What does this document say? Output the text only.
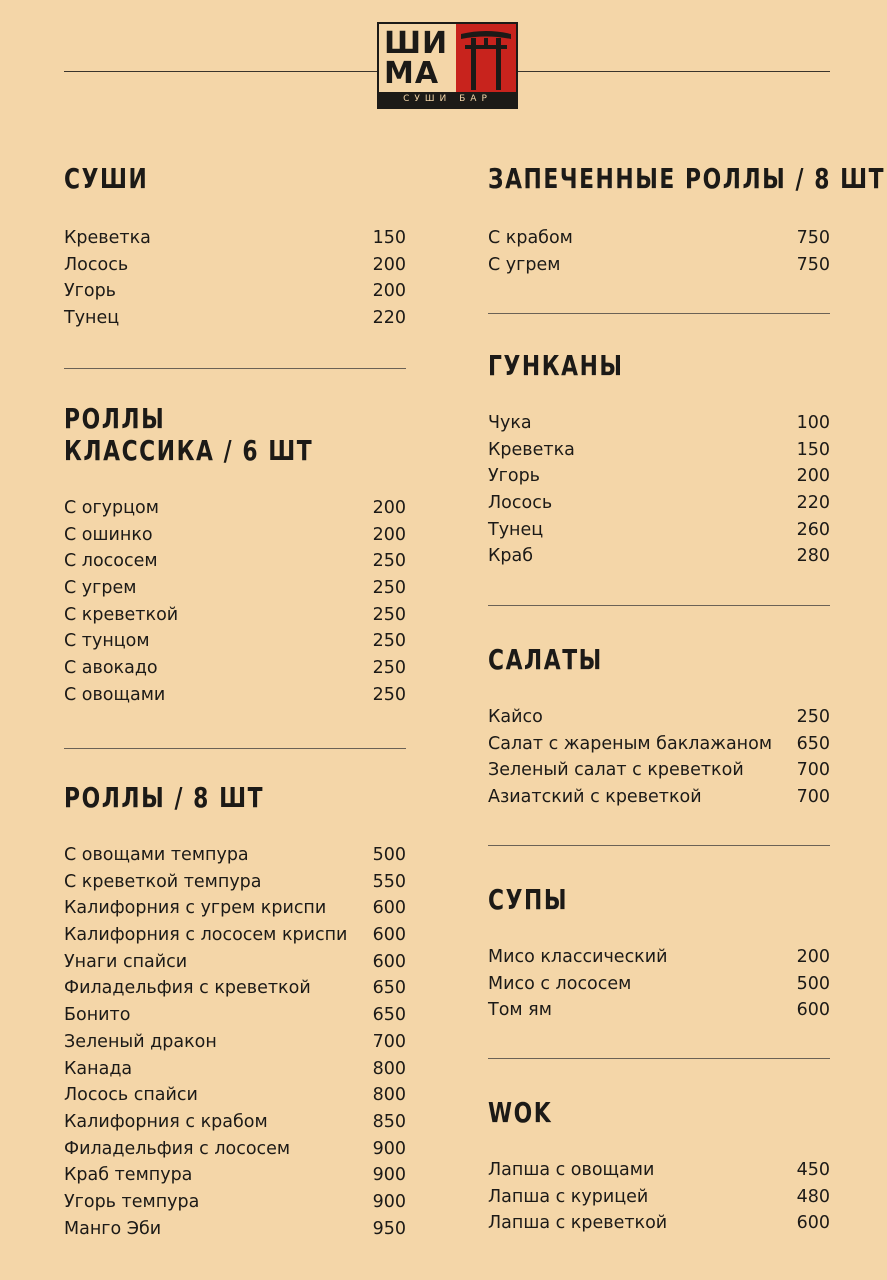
ШИ
МА
СУШИ БАР
СУШИ
Креветка	150
Лосось	200
Угорь	200
Тунец	220
РОЛЛЫ
КЛАССИКА / 6 ШТ
С огурцом	200
С ошинко	200
С лососем	250
С угрем	250
С креветкой	250
С тунцом	250
С авокадо	250
С овощами	250
РОЛЛЫ / 8 ШТ
С овощами темпура	500
С креветкой темпура	550
Калифорния с угрем криспи	600
Калифорния с лососем криспи 600
Унаги спайси	600
Филадельфия с креветкой	650
Бонито	650
Зеленый дракон	700
Канада	800
Лосось спайси	800
Калифорния с крабом	850
Филадельфия с лососем	900
Краб темпура	900
Угорь темпура	900
Манго Эби	950
ЗАПЕЧЕННЫЕ РОЛЛЫ / 8 ШТ
С крабом	750
С угрем	750
ГУНКАНЫ
Чука	100
Креветка	150
Угорь	200
Лосось	220
Тунец	260
Краб	280
САЛАТЫ
Кайсо	250
Салат с жареным баклажаном 650
Зеленый салат с креветкой	700
Азиатский с креветкой	700
СУПЫ
Мисо классический	200
Мисо с лососем	500
Том ям	600
WOK
Лапша с овощами	450
Лапша с курицей	480
Лапша с креветкой	600
